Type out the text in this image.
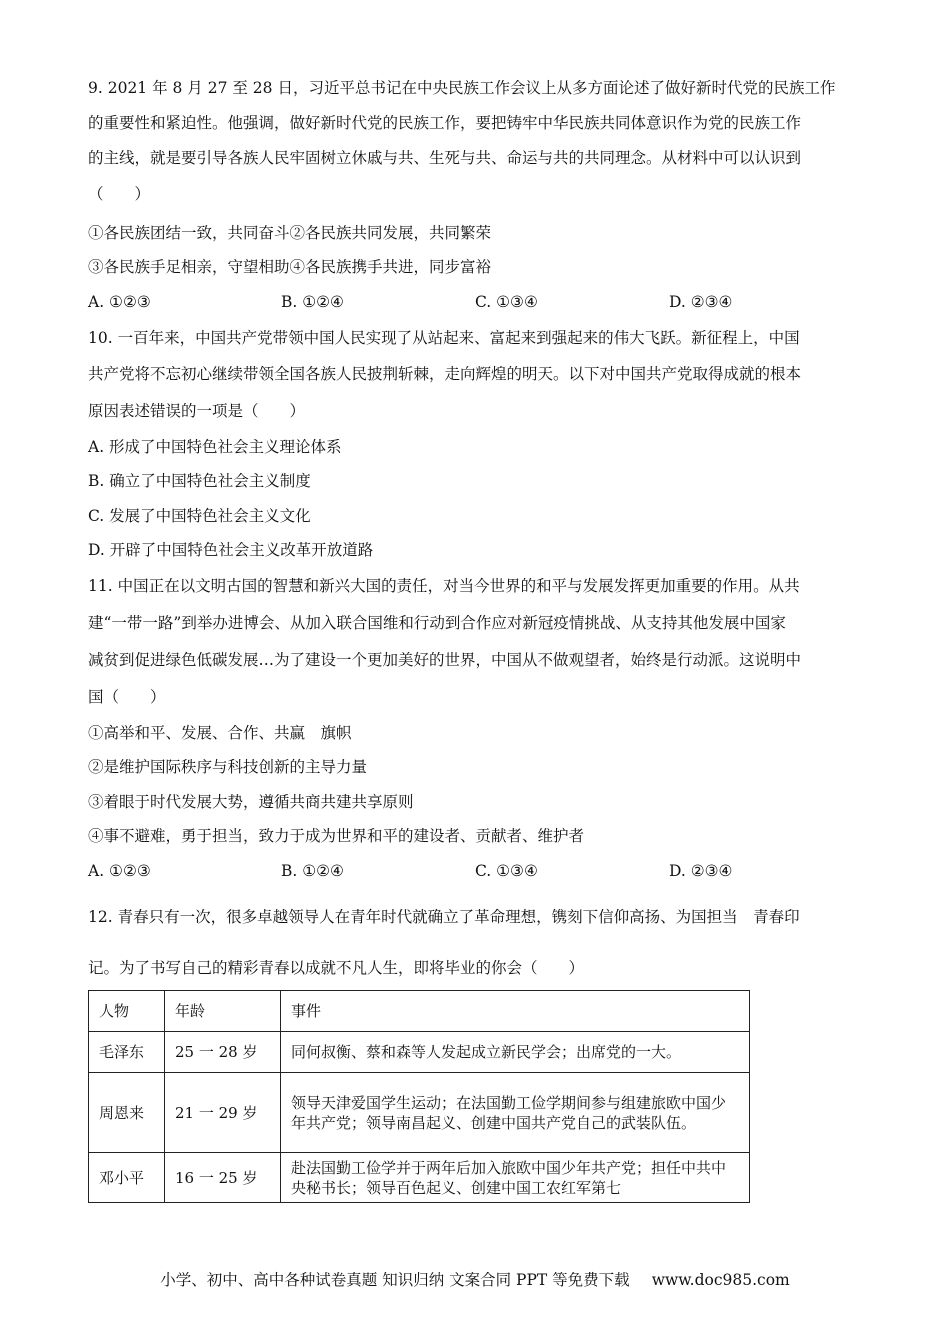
9. 2021 年 8 月 27 至 28 日，习近平总书记在中央民族工作会议上从多方面论述了做好新时代党的民族工作
的重要性和紧迫性。他强调，做好新时代党的民族工作，要把铸牢中华民族共同体意识作为党的民族工作
的主线，就是要引导各族人民牢固树立休戚与共、生死与共、命运与共的共同理念。从材料中可以认识到
（　　）
①各民族团结一致，共同奋斗②各民族共同发展，共同繁荣
③各民族手足相亲，守望相助④各民族携手共进，同步富裕
A. ①②③	B. ①②④	C. ①③④	D. ②③④
10. 一百年来，中国共产党带领中国人民实现了从站起来、富起来到强起来的伟大飞跃。新征程上，中国
共产党将不忘初心继续带领全国各族人民披荆斩棘，走向辉煌的明天。以下对中国共产党取得成就的根本
原因表述错误的一项是（　　）
A. 形成了中国特色社会主义理论体系
B. 确立了中国特色社会主义制度
C. 发展了中国特色社会主义文化
D. 开辟了中国特色社会主义改革开放道路
11. 中国正在以文明古国的智慧和新兴大国的责任，对当今世界的和平与发展发挥更加重要的作用。从共
建“一带一路”到举办进博会、从加入联合国维和行动到合作应对新冠疫情挑战、从支持其他发展中国家
减贫到促进绿色低碳发展…为了建设一个更加美好的世界，中国从不做观望者，始终是行动派。这说明中
国（　　）
①高举和平、发展、合作、共赢　旗帜
②是维护国际秩序与科技创新的主导力量
③着眼于时代发展大势，遵循共商共建共享原则
④事不避难，勇于担当，致力于成为世界和平的建设者、贡献者、维护者
A. ①②③	B. ①②④	C. ①③④	D. ②③④
12. 青春只有一次，很多卓越领导人在青年时代就确立了革命理想，镌刻下信仰高扬、为国担当　青春印
记。为了书写自己的精彩青春以成就不凡人生，即将毕业的你会（　　）
人物	年龄	事件
毛泽东	25 一 28 岁	同何叔衡、蔡和森等人发起成立新民学会；出席党的一大。
周恩来	21 一 29 岁	领导天津爱国学生运动；在法国勤工俭学期间参与组建旅欧中国少年共产党；领导南昌起义、创建中国共产党自己的武装队伍。
邓小平	16 一 25 岁	赴法国勤工俭学并于两年后加入旅欧中国少年共产党；担任中共中央秘书长；领导百色起义、创建中国工农红军第七
小学、初中、高中各种试卷真题 知识归纳 文案合同 PPT 等免费下载 www.doc985.com
